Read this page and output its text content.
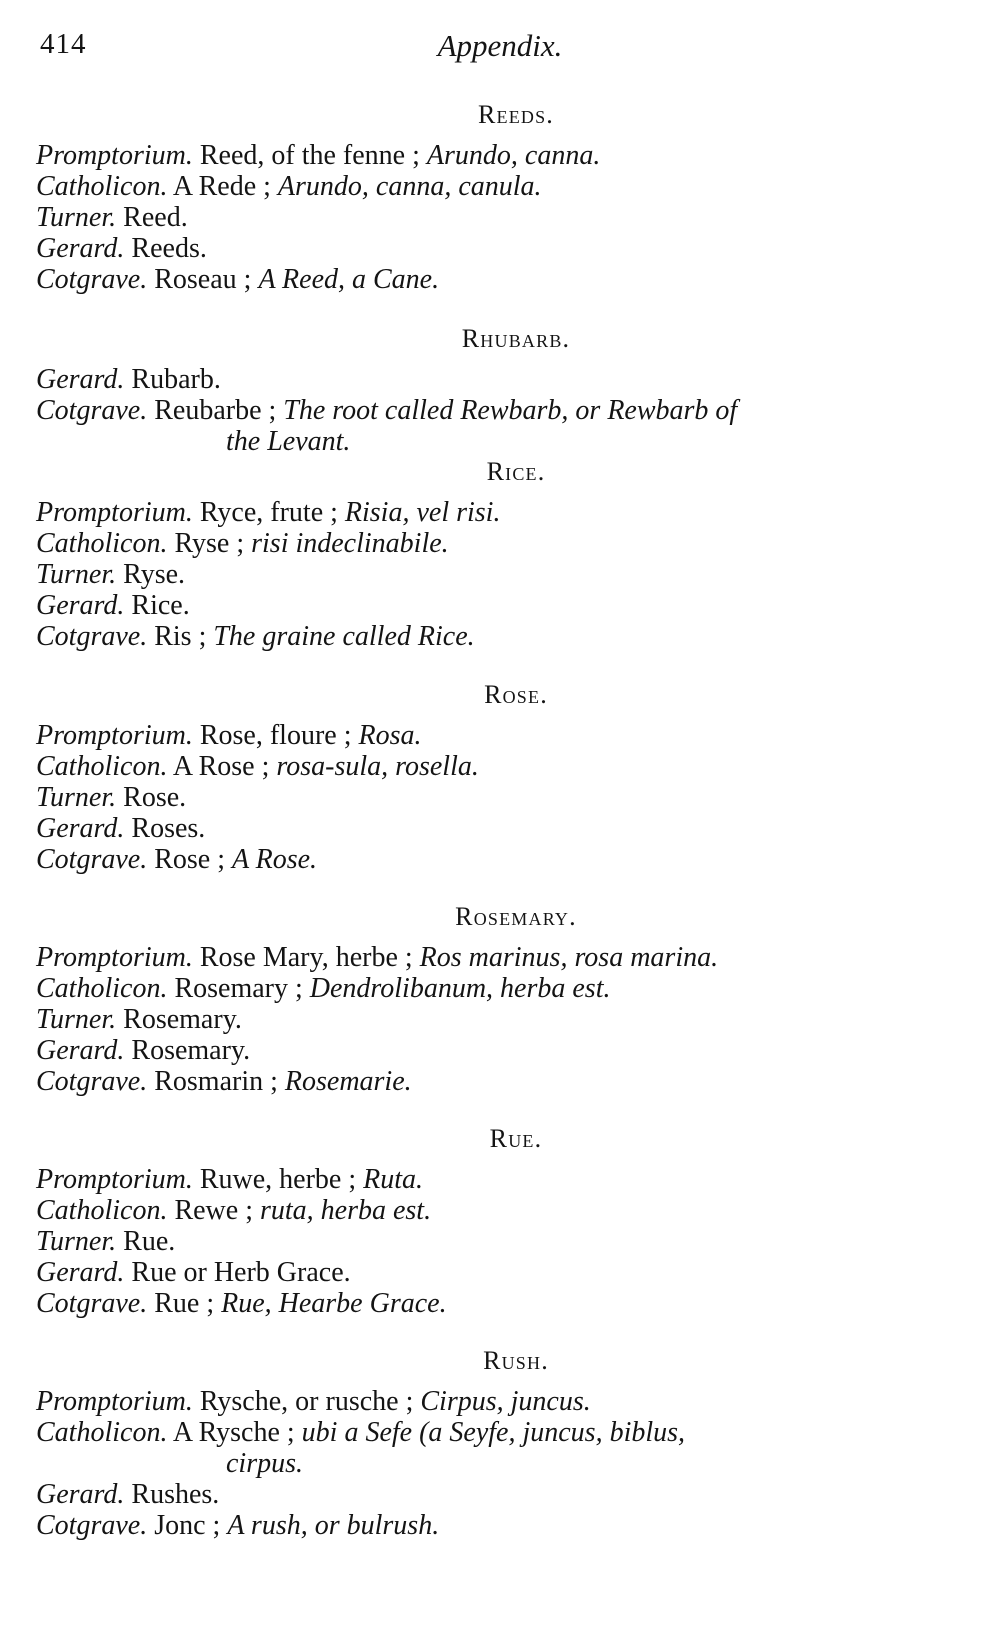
414	Appendix.
Reeds.
Promptorium. Reed, of the fenne ; Arundo, canna.
Catholicon. A Rede ; Arundo, canna, canula.
Turner. Reed.
Gerard. Reeds.
Cotgrave. Roseau ; A Reed, a Cane.
Rhubarb.
Gerard. Rubarb.
Cotgrave. Reubarbe ; The root called Rewbarb, or Rewbarb of
the Levant.
Rice.
Promptorium. Ryce, frute ; Risia, vel risi.
Catholicon. Ryse ; risi indeclinabile.
Turner. Ryse.
Gerard. Rice.
Cotgrave. Ris ; The graine called Rice.
Rose.
Promptorium. Rose, floure ; Rosa.
Catholicon. A Rose ; rosa-sula, rosella.
Turner. Rose.
Gerard. Roses.
Cotgrave. Rose ; A Rose.
Rosemary.
Promptorium. Rose Mary, herbe ; Ros marinus, rosa marina.
Catholicon. Rosemary ; Dendrolibanum, herba est.
Turner. Rosemary.
Gerard. Rosemary.
Cotgrave. Rosmarin ; Rosemarie.
Rue.
Promptorium. Ruwe, herbe ; Ruta.
Catholicon. Rewe ; ruta, herba est.
Turner. Rue.
Gerard. Rue or Herb Grace.
Cotgrave. Rue ; Rue, Hearbe Grace.
Rush.
Promptorium. Rysche, or rusche ; Cirpus, juncus.
Catholicon. A Rysche ; ubi a Sefe (a Seyfe, juncus, biblus,
cirpus.
Gerard. Rushes.
Cotgrave. Jonc ; A rush, or bulrush.
